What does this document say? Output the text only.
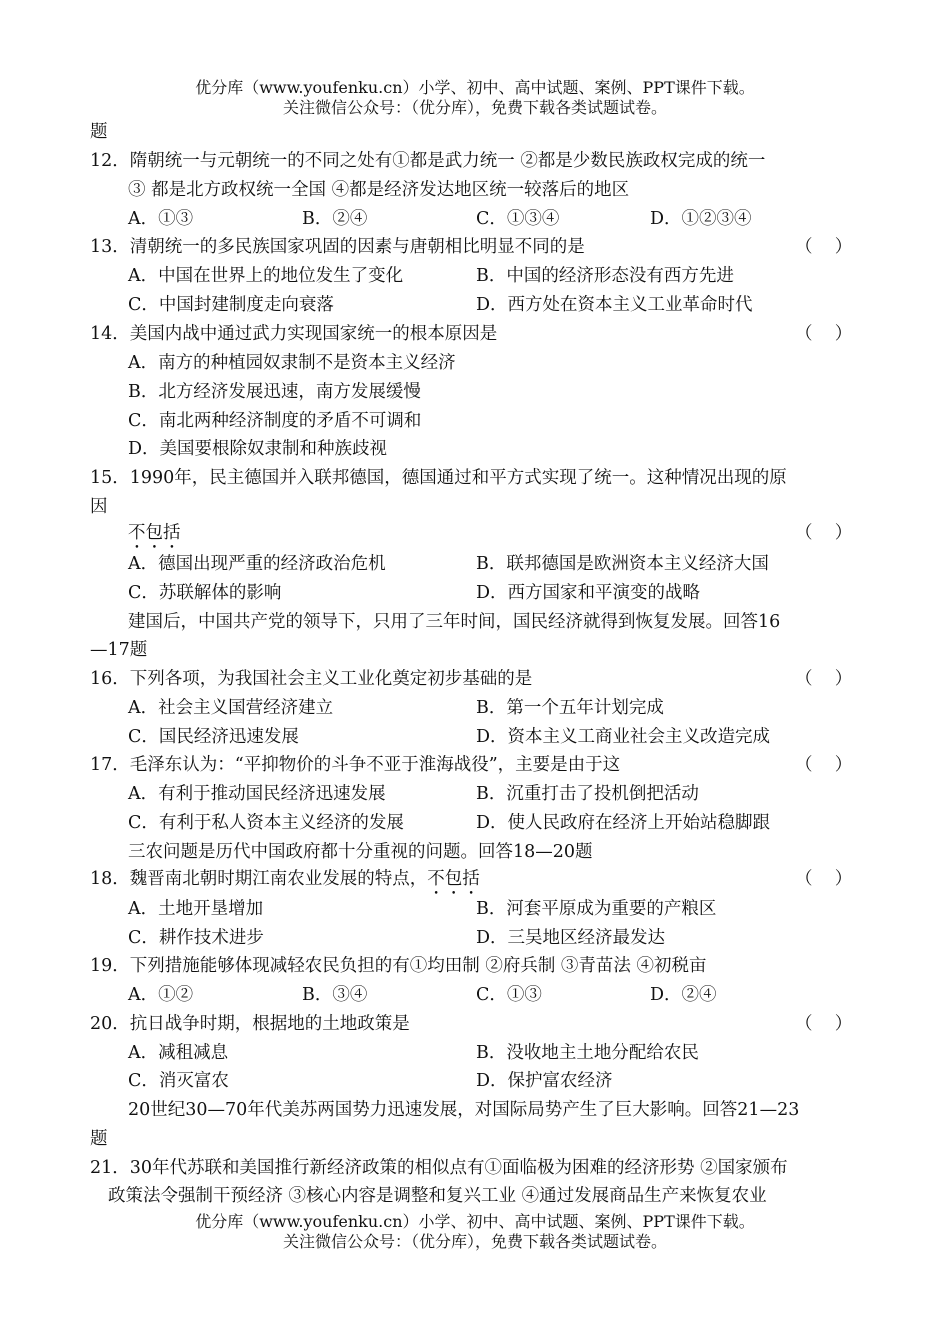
优分库（www.youfenku.cn）小学、初中、高中试题、案例、PPT课件下载。
关注微信公众号：（优分库），免费下载各类试题试卷。
题
12．隋朝统一与元朝统一的不同之处有①都是武力统一 ②都是少数民族政权完成的统一
③ 都是北方政权统一全国 ④都是经济发达地区统一较落后的地区
A．①③	B．②④	C．①③④	D．①②③④
13．清朝统一的多民族国家巩固的因素与唐朝相比明显不同的是	（    ）
A．中国在世界上的地位发生了变化	B．中国的经济形态没有西方先进
C．中国封建制度走向衰落	D．西方处在资本主义工业革命时代
14．美国内战中通过武力实现国家统一的根本原因是	（    ）
A．南方的种植园奴隶制不是资本主义经济
B．北方经济发展迅速，南方发展缓慢
C．南北两种经济制度的矛盾不可调和
D．美国要根除奴隶制和种族歧视
15．1990年，民主德国并入联邦德国，德国通过和平方式实现了统一。这种情况出现的原
因
不包括	（    ）
A．德国出现严重的经济政治危机	B．联邦德国是欧洲资本主义经济大国
C．苏联解体的影响	D．西方国家和平演变的战略
建国后，中国共产党的领导下，只用了三年时间，国民经济就得到恢复发展。回答16
—17题
16．下列各项，为我国社会主义工业化奠定初步基础的是	（    ）
A．社会主义国营经济建立	B．第一个五年计划完成
C．国民经济迅速发展	D．资本主义工商业社会主义改造完成
17．毛泽东认为：“平抑物价的斗争不亚于淮海战役”，主要是由于这	（    ）
A．有利于推动国民经济迅速发展	B．沉重打击了投机倒把活动
C．有利于私人资本主义经济的发展	D．使人民政府在经济上开始站稳脚跟
三农问题是历代中国政府都十分重视的问题。回答18—20题
18．魏晋南北朝时期江南农业发展的特点，不包括	（    ）
A．土地开垦增加	B．河套平原成为重要的产粮区
C．耕作技术进步	D．三吴地区经济最发达
19．下列措施能够体现减轻农民负担的有①均田制 ②府兵制 ③青苗法 ④初税亩
A．①②	B．③④	C．①③	D．②④
20．抗日战争时期，根据地的土地政策是	（    ）
A．减租减息	B．没收地主土地分配给农民
C．消灭富农	D．保护富农经济
20世纪30—70年代美苏两国势力迅速发展，对国际局势产生了巨大影响。回答21—23
题
21．30年代苏联和美国推行新经济政策的相似点有①面临极为困难的经济形势 ②国家颁布
政策法令强制干预经济 ③核心内容是调整和复兴工业 ④通过发展商品生产来恢复农业
优分库（www.youfenku.cn）小学、初中、高中试题、案例、PPT课件下载。
关注微信公众号：（优分库），免费下载各类试题试卷。
